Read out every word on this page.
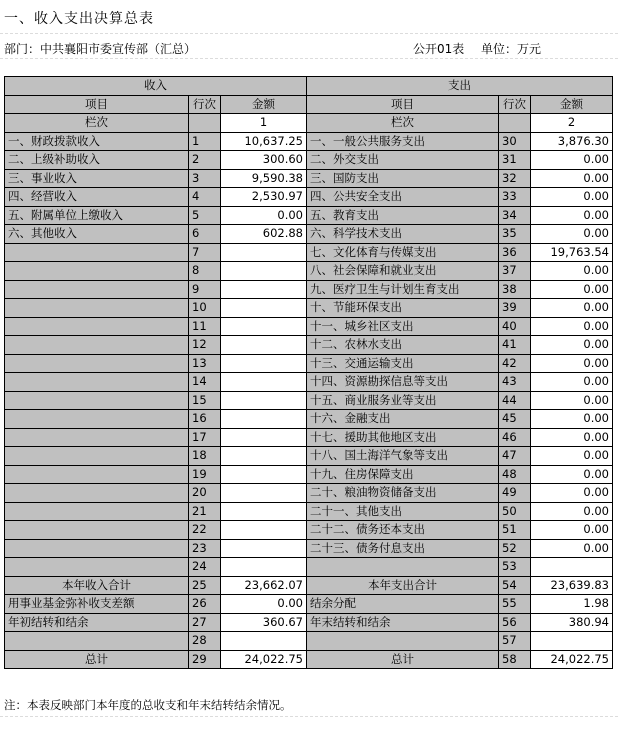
一、收入支出决算总表
部门：中共襄阳市委宣传部（汇总）	公开01表 单位：万元
收入			支出		
项目	行次	金额	项目	行次	金额
栏次		1	栏次		2
一、财政拨款收入	1	10,637.25	一、一般公共服务支出	30	3,876.30
二、上级补助收入	2	300.60	二、外交支出	31	0.00
三、事业收入	3	9,590.38	三、国防支出	32	0.00
四、经营收入	4	2,530.97	四、公共安全支出	33	0.00
五、附属单位上缴收入	5	0.00	五、教育支出	34	0.00
六、其他收入	6	602.88	六、科学技术支出	35	0.00
	7		七、文化体育与传媒支出	36	19,763.54
	8		八、社会保障和就业支出	37	0.00
	9		九、医疗卫生与计划生育支出	38	0.00
	10		十、节能环保支出	39	0.00
	11		十一、城乡社区支出	40	0.00
	12		十二、农林水支出	41	0.00
	13		十三、交通运输支出	42	0.00
	14		十四、资源勘探信息等支出	43	0.00
	15		十五、商业服务业等支出	44	0.00
	16		十六、金融支出	45	0.00
	17		十七、援助其他地区支出	46	0.00
	18		十八、国土海洋气象等支出	47	0.00
	19		十九、住房保障支出	48	0.00
	20		二十、粮油物资储备支出	49	0.00
	21		二十一、其他支出	50	0.00
	22		二十二、债务还本支出	51	0.00
	23		二十三、债务付息支出	52	0.00
	24			53	
本年收入合计	25	23,662.07	本年支出合计	54	23,639.83
用事业基金弥补收支差额	26	0.00	结余分配	55	1.98
年初结转和结余	27	360.67	年末结转和结余	56	380.94
	28			57	
总计	29	24,022.75	总计	58	24,022.75
注：本表反映部门本年度的总收支和年末结转结余情况。
